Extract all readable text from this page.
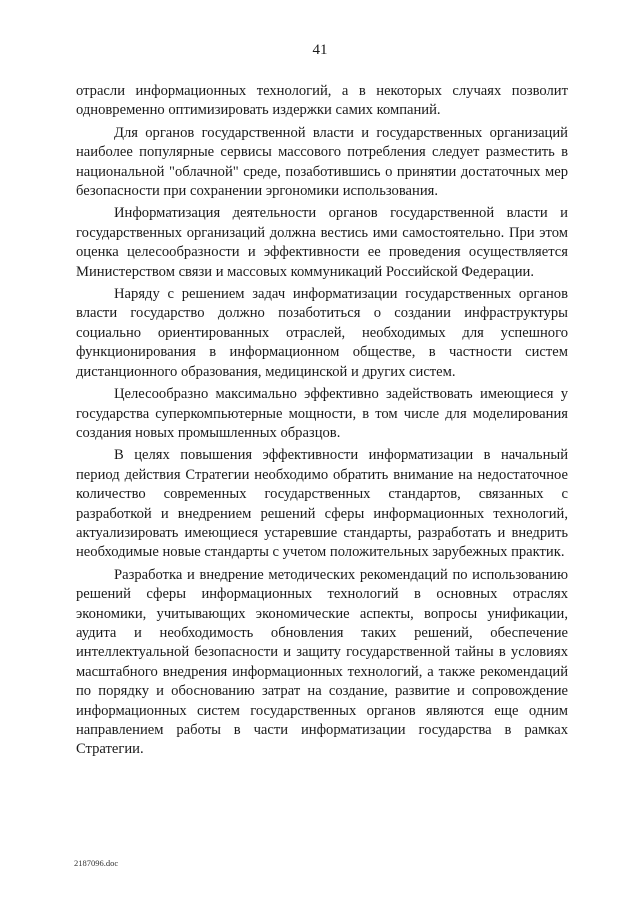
41

отрасли информационных технологий, а в некоторых случаях позволит одновременно оптимизировать издержки самих компаний.

Для органов государственной власти и государственных организаций наиболее популярные сервисы массового потребления следует разместить в национальной "облачной" среде, позаботившись о принятии достаточных мер безопасности при сохранении эргономики использования.

Информатизация деятельности органов государственной власти и государственных организаций должна вестись ими самостоятельно. При этом оценка целесообразности и эффективности ее проведения осуществляется Министерством связи и массовых коммуникаций Российской Федерации.

Наряду с решением задач информатизации государственных органов власти государство должно позаботиться о создании инфраструктуры социально ориентированных отраслей, необходимых для успешного функционирования в информационном обществе, в частности систем дистанционного образования, медицинской и других систем.

Целесообразно максимально эффективно задействовать имеющиеся у государства суперкомпьютерные мощности, в том числе для моделирования создания новых промышленных образцов.

В целях повышения эффективности информатизации в начальный период действия Стратегии необходимо обратить внимание на недостаточное количество современных государственных стандартов, связанных с разработкой и внедрением решений сферы информационных технологий, актуализировать имеющиеся устаревшие стандарты, разработать и внедрить необходимые новые стандарты с учетом положительных зарубежных практик.

Разработка и внедрение методических рекомендаций по использованию решений сферы информационных технологий в основных отраслях экономики, учитывающих экономические аспекты, вопросы унификации, аудита и необходимость обновления таких решений, обеспечение интеллектуальной безопасности и защиту государственной тайны в условиях масштабного внедрения информационных технологий, а также рекомендаций по порядку и обоснованию затрат на создание, развитие и сопровождение информационных систем государственных органов являются еще одним направлением работы в части информатизации государства в рамках Стратегии.

2187096.doc
